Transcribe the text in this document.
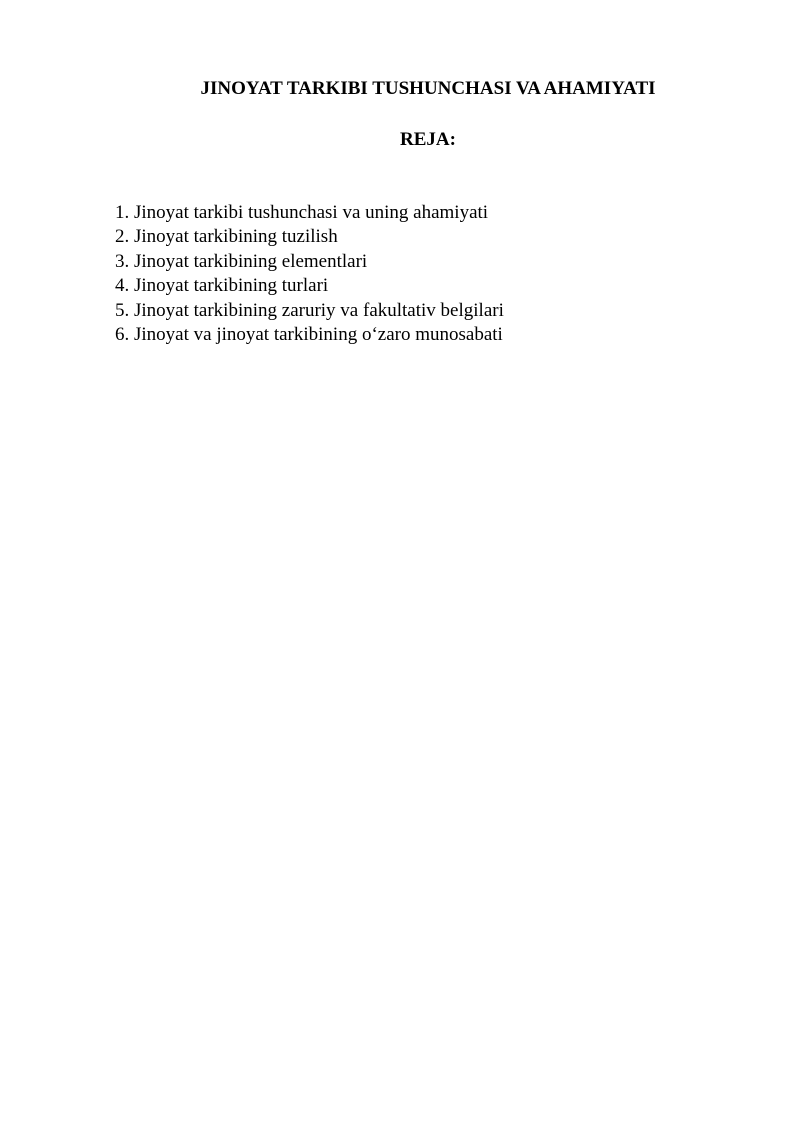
JINOYAT TARKIBI TUSHUNCHASI VA AHAMIYATI
REJA:
1. Jinoyat tarkibi tushunchasi va uning ahamiyati
2. Jinoyat tarkibining tuzilish
3. Jinoyat tarkibining elementlari
4. Jinoyat tarkibining turlari
5. Jinoyat tarkibining zaruriy va fakultativ belgilari
6. Jinoyat va jinoyat tarkibining o‘zaro munosabati
